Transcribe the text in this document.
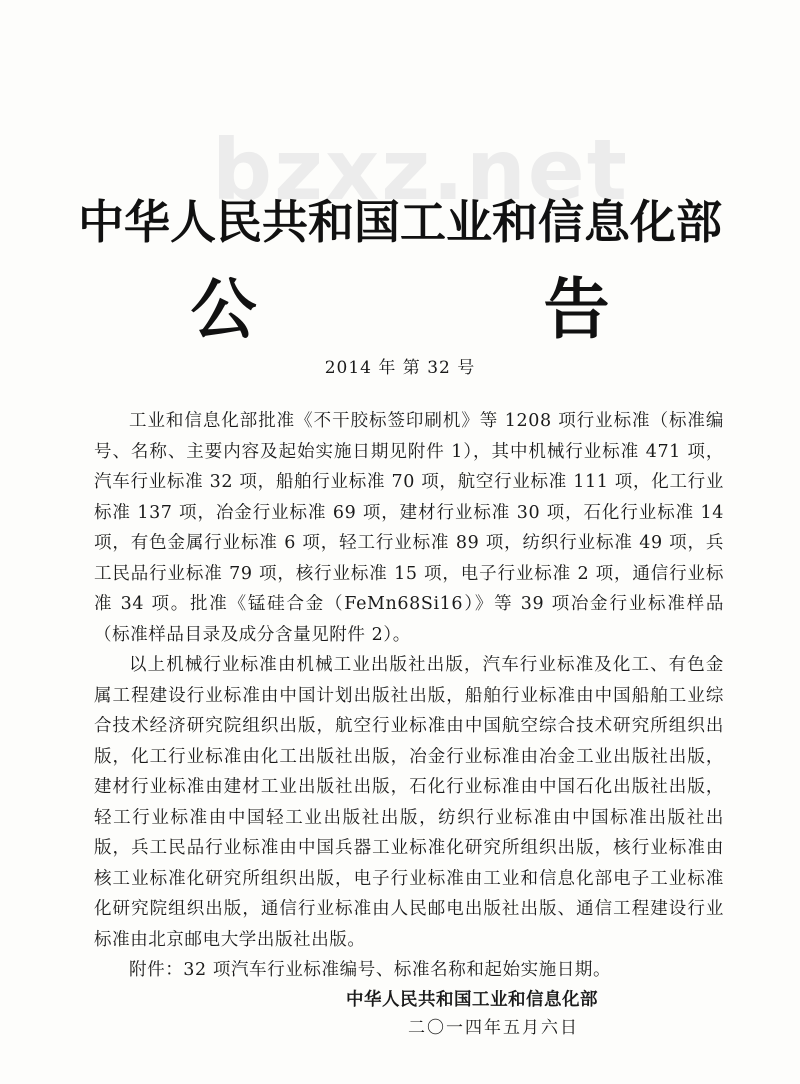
bzxz.net
中华人民共和国工业和信息化部
公 告
2014 年 第 32 号

工业和信息化部批准《不干胶标签印刷机》等 1208 项行业标准（标准编号、名称、主要内容及起始实施日期见附件 1），其中机械行业标准 471 项，汽车行业标准 32 项，船舶行业标准 70 项，航空行业标准 111 项，化工行业标准 137 项，冶金行业标准 69 项，建材行业标准 30 项，石化行业标准 14 项，有色金属行业标准 6 项，轻工行业标准 89 项，纺织行业标准 49 项，兵工民品行业标准 79 项，核行业标准 15 项，电子行业标准 2 项，通信行业标准 34 项。批准《锰硅合金（FeMn68Si16）》等 39 项冶金行业标准样品（标准样品目录及成分含量见附件 2）。

以上机械行业标准由机械工业出版社出版，汽车行业标准及化工、有色金属工程建设行业标准由中国计划出版社出版，船舶行业标准由中国船舶工业综合技术经济研究院组织出版，航空行业标准由中国航空综合技术研究所组织出版，化工行业标准由化工出版社出版，冶金行业标准由冶金工业出版社出版，建材行业标准由建材工业出版社出版，石化行业标准由中国石化出版社出版，轻工行业标准由中国轻工业出版社出版，纺织行业标准由中国标准出版社出版，兵工民品行业标准由中国兵器工业标准化研究所组织出版，核行业标准由核工业标准化研究所组织出版，电子行业标准由工业和信息化部电子工业标准化研究院组织出版，通信行业标准由人民邮电出版社出版、通信工程建设行业标准由北京邮电大学出版社出版。

附件：32 项汽车行业标准编号、标准名称和起始实施日期。

中华人民共和国工业和信息化部
二〇一四年五月六日
